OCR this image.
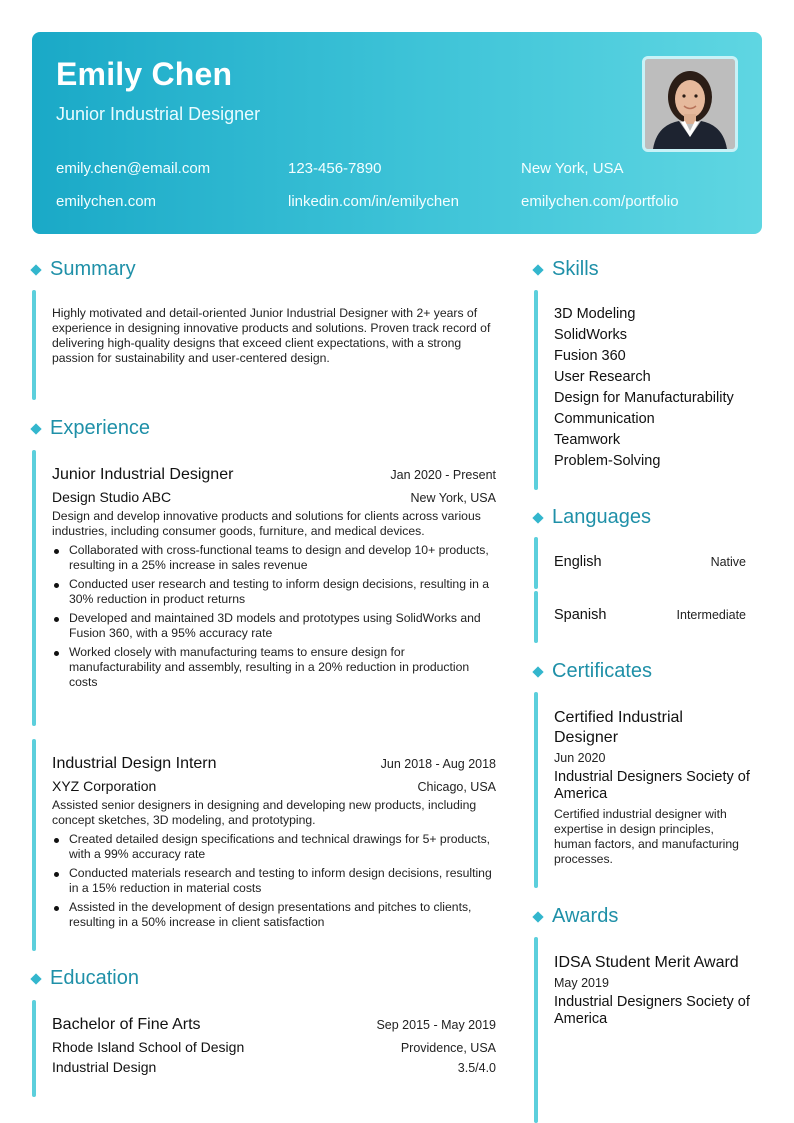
Emily Chen
Junior Industrial Designer
emily.chen@email.com	123-456-7890	New York, USA
emilychen.com	linkedin.com/in/emilychen	emilychen.com/portfolio
Summary
Highly motivated and detail-oriented Junior Industrial Designer with 2+ years of experience in designing innovative products and solutions. Proven track record of delivering high-quality designs that exceed client expectations, with a strong passion for sustainability and user-centered design.
Experience
Junior Industrial Designer	Jan 2020 - Present
Design Studio ABC	New York, USA
Design and develop innovative products and solutions for clients across various industries, including consumer goods, furniture, and medical devices.
Collaborated with cross-functional teams to design and develop 10+ products, resulting in a 25% increase in sales revenue
Conducted user research and testing to inform design decisions, resulting in a 30% reduction in product returns
Developed and maintained 3D models and prototypes using SolidWorks and Fusion 360, with a 95% accuracy rate
Worked closely with manufacturing teams to ensure design for manufacturability and assembly, resulting in a 20% reduction in production costs
Industrial Design Intern	Jun 2018 - Aug 2018
XYZ Corporation	Chicago, USA
Assisted senior designers in designing and developing new products, including concept sketches, 3D modeling, and prototyping.
Created detailed design specifications and technical drawings for 5+ products, with a 99% accuracy rate
Conducted materials research and testing to inform design decisions, resulting in a 15% reduction in material costs
Assisted in the development of design presentations and pitches to clients, resulting in a 50% increase in client satisfaction
Education
Bachelor of Fine Arts	Sep 2015 - May 2019
Rhode Island School of Design	Providence, USA
Industrial Design	3.5/4.0
Skills
3D Modeling
SolidWorks
Fusion 360
User Research
Design for Manufacturability
Communication
Teamwork
Problem-Solving
Languages
English	Native
Spanish	Intermediate
Certificates
Certified Industrial Designer
Jun 2020
Industrial Designers Society of America
Certified industrial designer with expertise in design principles, human factors, and manufacturing processes.
Awards
IDSA Student Merit Award
May 2019
Industrial Designers Society of America
